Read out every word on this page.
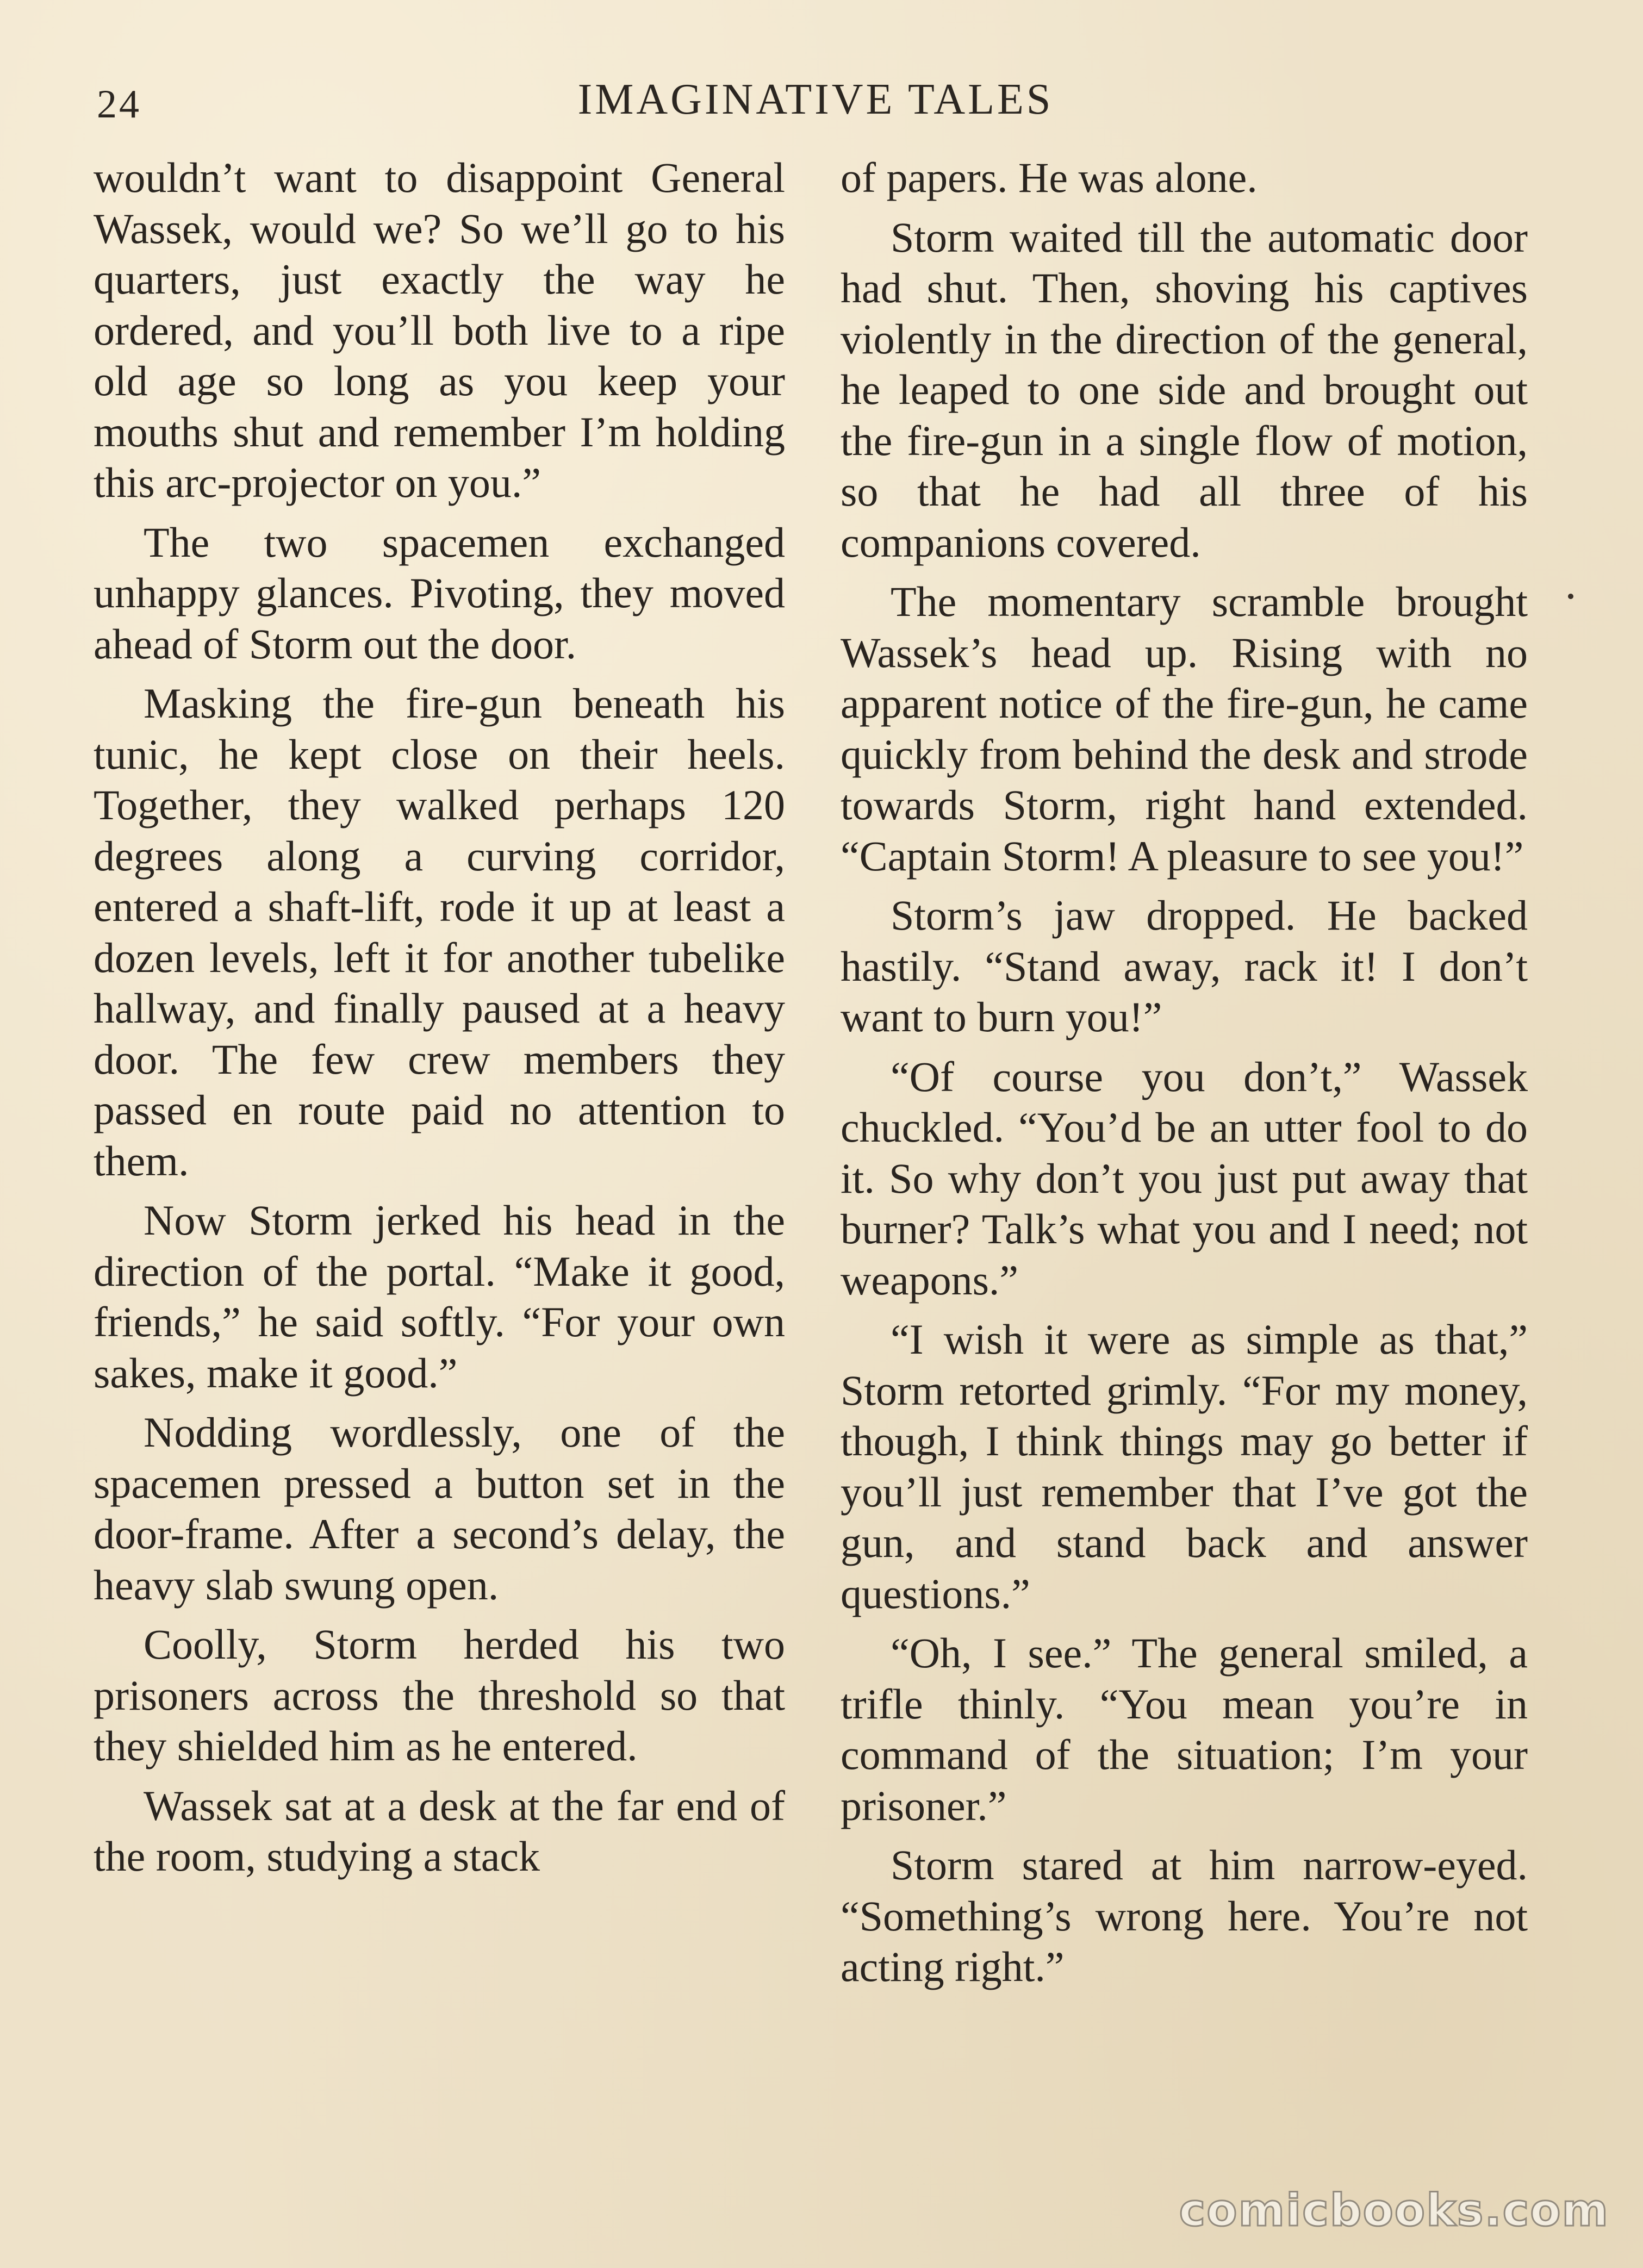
24	IMAGINATIVE TALES

wouldn’t want to disappoint General Wassek, would we? So we’ll go to his quarters, just exactly the way he ordered, and you’ll both live to a ripe old age so long as you keep your mouths shut and remember I’m holding this arc-projector on you.”

The two spacemen exchanged unhappy glances. Pivoting, they moved ahead of Storm out the door.

Masking the fire-gun beneath his tunic, he kept close on their heels. Together, they walked perhaps 120 degrees along a curving corridor, entered a shaft-lift, rode it up at least a dozen levels, left it for another tubelike hallway, and finally paused at a heavy door. The few crew members they passed en route paid no attention to them.

Now Storm jerked his head in the direction of the portal. “Make it good, friends,” he said softly. “For your own sakes, make it good.”

Nodding wordlessly, one of the spacemen pressed a button set in the door-frame. After a second’s delay, the heavy slab swung open.

Coolly, Storm herded his two prisoners across the threshold so that they shielded him as he entered.

Wassek sat at a desk at the far end of the room, studying a stack

of papers. He was alone.

Storm waited till the automatic door had shut. Then, shoving his captives violently in the direction of the general, he leaped to one side and brought out the fire-gun in a single flow of motion, so that he had all three of his companions covered.

The momentary scramble brought Wassek’s head up. Rising with no apparent notice of the fire-gun, he came quickly from behind the desk and strode towards Storm, right hand extended. “Captain Storm! A pleasure to see you!”

Storm’s jaw dropped. He backed hastily. “Stand away, rack it! I don’t want to burn you!”

“Of course you don’t,” Wassek chuckled. “You’d be an utter fool to do it. So why don’t you just put away that burner? Talk’s what you and I need; not weapons.”

“I wish it were as simple as that,” Storm retorted grimly. “For my money, though, I think things may go better if you’ll just remember that I’ve got the gun, and stand back and answer questions.”

“Oh, I see.” The general smiled, a trifle thinly. “You mean you’re in command of the situation; I’m your prisoner.”

Storm stared at him narrow-eyed. “Something’s wrong here. You’re not acting right.”

comicbooks.com
